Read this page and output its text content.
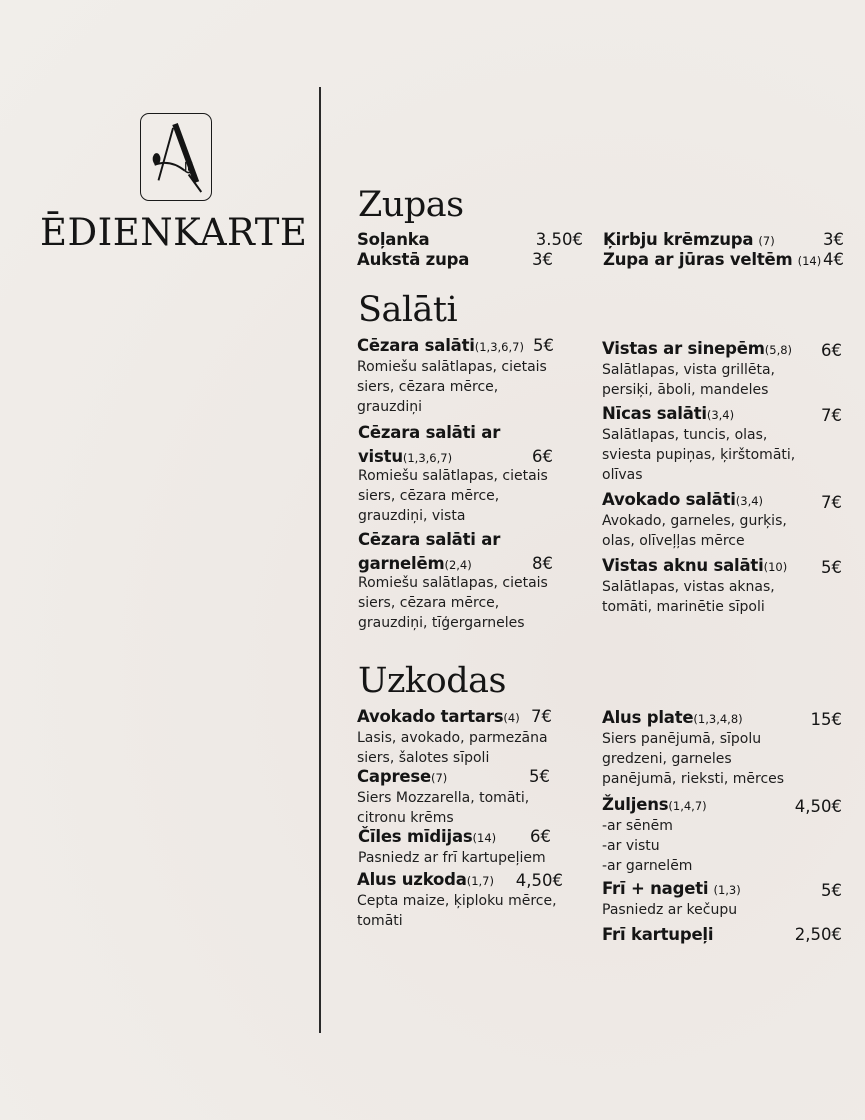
ĒDIENKARTE
Zupas
Soļanka	3.50€
Aukstā zupa	3€
Ķirbju krēmzupa (7)	3€
Zupa ar jūras veltēm (14) 4€
Salāti
Cēzara salāti(1,3,6,7) 5€
Romiešu salātlapas, cietais
siers, cēzara mērce,
grauzdiņi
Cēzara salāti ar
vistu(1,3,6,7)	6€
Romiešu salātlapas, cietais
siers, cēzara mērce,
grauzdiņi, vista
Cēzara salāti ar
garnelēm(2,4)	8€
Romiešu salātlapas, cietais
siers, cēzara mērce,
grauzdiņi, tīģergarneles
Vistas ar sinepēm(5,8) 6€
Salātlapas, vista grillēta,
persiķi, āboli, mandeles
Nīcas salāti(3,4)	7€
Salātlapas, tuncis, olas,
sviesta pupiņas, ķirštomāti,
olīvas
Avokado salāti(3,4)	7€
Avokado, garneles, gurķis,
olas, olīveļļas mērce
Vistas aknu salāti(10) 5€
Salātlapas, vistas aknas,
tomāti, marinētie sīpoli
Uzkodas
Avokado tartars(4) 7€
Lasis, avokado, parmezāna
siers, šalotes sīpoli
Caprese(7)	5€
Siers Mozzarella, tomāti,
citronu krēms
Čīles mīdijas(14) 6€
Pasniedz ar frī kartupeļiem
Alus uzkoda(1,7) 4,50€
Cepta maize, ķiploku mērce,
tomāti
Alus plate(1,3,4,8)	15€
Siers panējumā, sīpolu
gredzeni, garneles
panējumā, rieksti, mērces
Žuljens(1,4,7)	4,50€
-ar sēnēm
-ar vistu
-ar garnelēm
Frī + nageti (1,3)	5€
Pasniedz ar kečupu
Frī kartupeļi	2,50€
